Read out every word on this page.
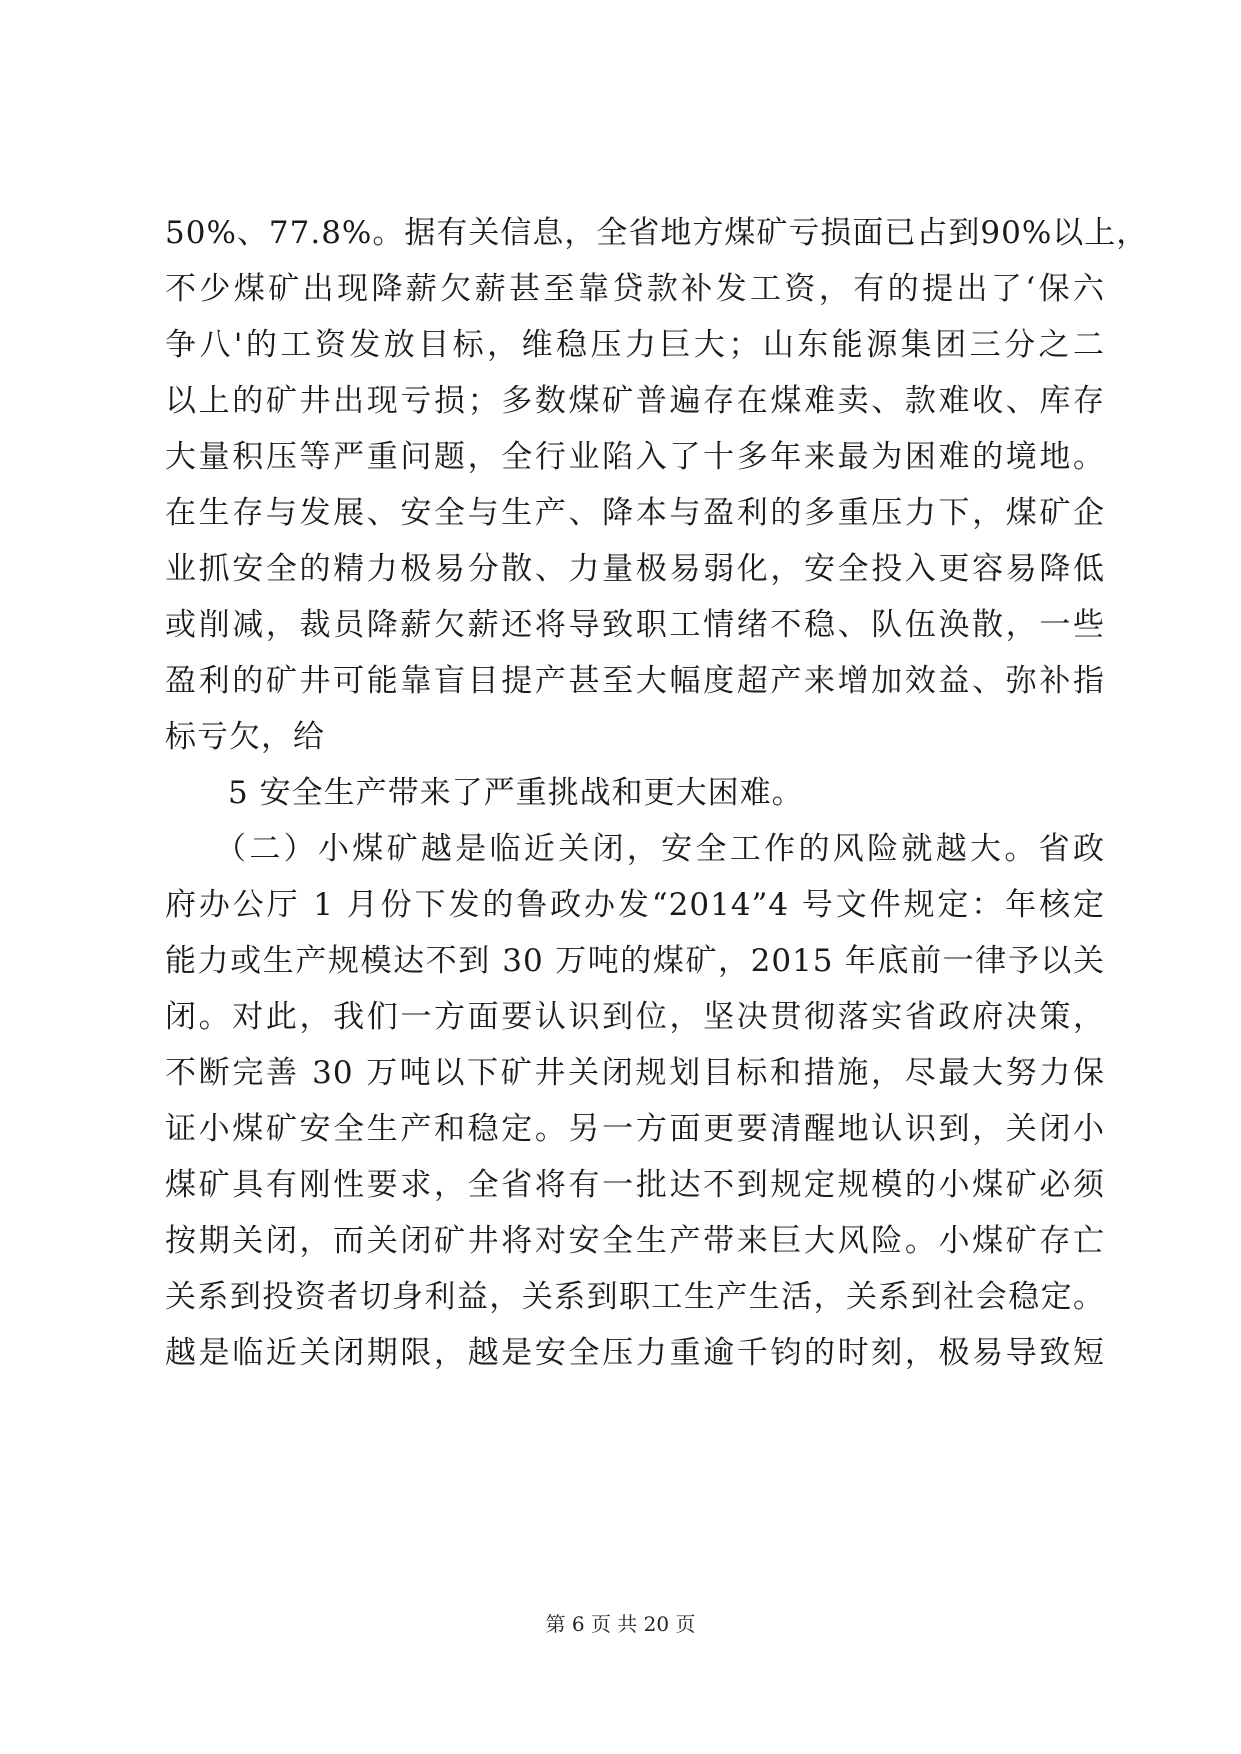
50%、77.8%。据有关信息，全省地方煤矿亏损面已占到90%以上，
不少煤矿出现降薪欠薪甚至靠贷款补发工资，有的提出了‘保六
争八'的工资发放目标，维稳压力巨大；山东能源集团三分之二
以上的矿井出现亏损；多数煤矿普遍存在煤难卖、款难收、库存
大量积压等严重问题，全行业陷入了十多年来最为困难的境地。
在生存与发展、安全与生产、降本与盈利的多重压力下，煤矿企
业抓安全的精力极易分散、力量极易弱化，安全投入更容易降低
或削减，裁员降薪欠薪还将导致职工情绪不稳、队伍涣散，一些
盈利的矿井可能靠盲目提产甚至大幅度超产来增加效益、弥补指
标亏欠，给
5 安全生产带来了严重挑战和更大困难。
（二）小煤矿越是临近关闭，安全工作的风险就越大。省政
府办公厅 1 月份下发的鲁政办发“2014”4 号文件规定：年核定
能力或生产规模达不到 30 万吨的煤矿，2015 年底前一律予以关
闭。对此，我们一方面要认识到位，坚决贯彻落实省政府决策，
不断完善 30 万吨以下矿井关闭规划目标和措施，尽最大努力保
证小煤矿安全生产和稳定。另一方面更要清醒地认识到，关闭小
煤矿具有刚性要求，全省将有一批达不到规定规模的小煤矿必须
按期关闭，而关闭矿井将对安全生产带来巨大风险。小煤矿存亡
关系到投资者切身利益，关系到职工生产生活，关系到社会稳定。
越是临近关闭期限，越是安全压力重逾千钧的时刻，极易导致短
第 6 页 共 20 页
